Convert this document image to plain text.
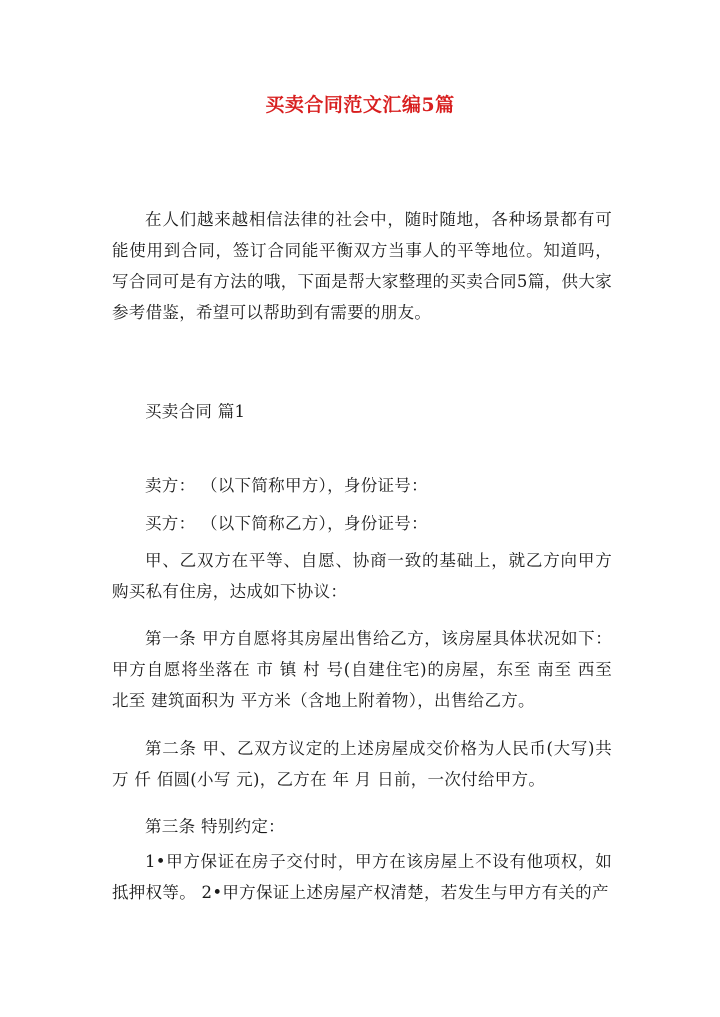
买卖合同范文汇编5篇

在人们越来越相信法律的社会中，随时随地，各种场景都有可能使用到合同，签订合同能平衡双方当事人的平等地位。知道吗，写合同可是有方法的哦，下面是帮大家整理的买卖合同5篇，供大家参考借鉴，希望可以帮助到有需要的朋友。

买卖合同 篇1

卖方： （以下简称甲方），身份证号：

买方： （以下简称乙方），身份证号：

甲、乙双方在平等、自愿、协商一致的基础上，就乙方向甲方购买私有住房，达成如下协议：

第一条 甲方自愿将其房屋出售给乙方，该房屋具体状况如下：甲方自愿将坐落在 市 镇 村 号(自建住宅)的房屋，东至 南至 西至 北至 建筑面积为 平方米（含地上附着物），出售给乙方。

第二条 甲、乙双方议定的上述房屋成交价格为人民币(大写)共 万 仟 佰圆(小写 元)，乙方在 年 月 日前，一次付给甲方。

第三条 特别约定：

1•甲方保证在房子交付时，甲方在该房屋上不设有他项权，如抵押权等。 2•甲方保证上述房屋产权清楚，若发生与甲方有关的产
